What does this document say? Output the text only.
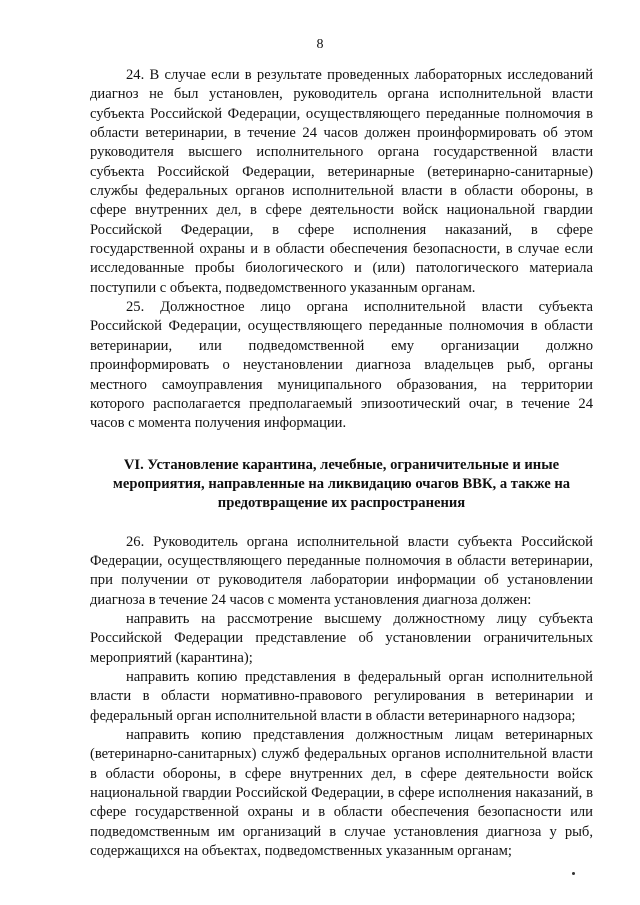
8

24. В случае если в результате проведенных лабораторных исследований диагноз не был установлен, руководитель органа исполнительной власти субъекта Российской Федерации, осуществляющего переданные полномочия в области ветеринарии, в течение 24 часов должен проинформировать об этом руководителя высшего исполнительного органа государственной власти субъекта Российской Федерации, ветеринарные (ветеринарно-санитарные) службы федеральных органов исполнительной власти в области обороны, в сфере внутренних дел, в сфере деятельности войск национальной гвардии Российской Федерации, в сфере исполнения наказаний, в сфере государственной охраны и в области обеспечения безопасности, в случае если исследованные пробы биологического и (или) патологического материала поступили с объекта, подведомственного указанным органам.

25. Должностное лицо органа исполнительной власти субъекта Российской Федерации, осуществляющего переданные полномочия в области ветеринарии, или подведомственной ему организации должно проинформировать о неустановлении диагноза владельцев рыб, органы местного самоуправления муниципального образования, на территории которого располагается предполагаемый эпизоотический очаг, в течение 24 часов с момента получения информации.

VI. Установление карантина, лечебные, ограничительные и иные мероприятия, направленные на ликвидацию очагов ВВК, а также на предотвращение их распространения

26. Руководитель органа исполнительной власти субъекта Российской Федерации, осуществляющего переданные полномочия в области ветеринарии, при получении от руководителя лаборатории информации об установлении диагноза в течение 24 часов с момента установления диагноза должен:

направить на рассмотрение высшему должностному лицу субъекта Российской Федерации представление об установлении ограничительных мероприятий (карантина);

направить копию представления в федеральный орган исполнительной власти в области нормативно-правового регулирования в ветеринарии и федеральный орган исполнительной власти в области ветеринарного надзора;

направить копию представления должностным лицам ветеринарных (ветеринарно-санитарных) служб федеральных органов исполнительной власти в области обороны, в сфере внутренних дел, в сфере деятельности войск национальной гвардии Российской Федерации, в сфере исполнения наказаний, в сфере государственной охраны и в области обеспечения безопасности или подведомственным им организаций в случае установления диагноза у рыб, содержащихся на объектах, подведомственных указанным органам;
